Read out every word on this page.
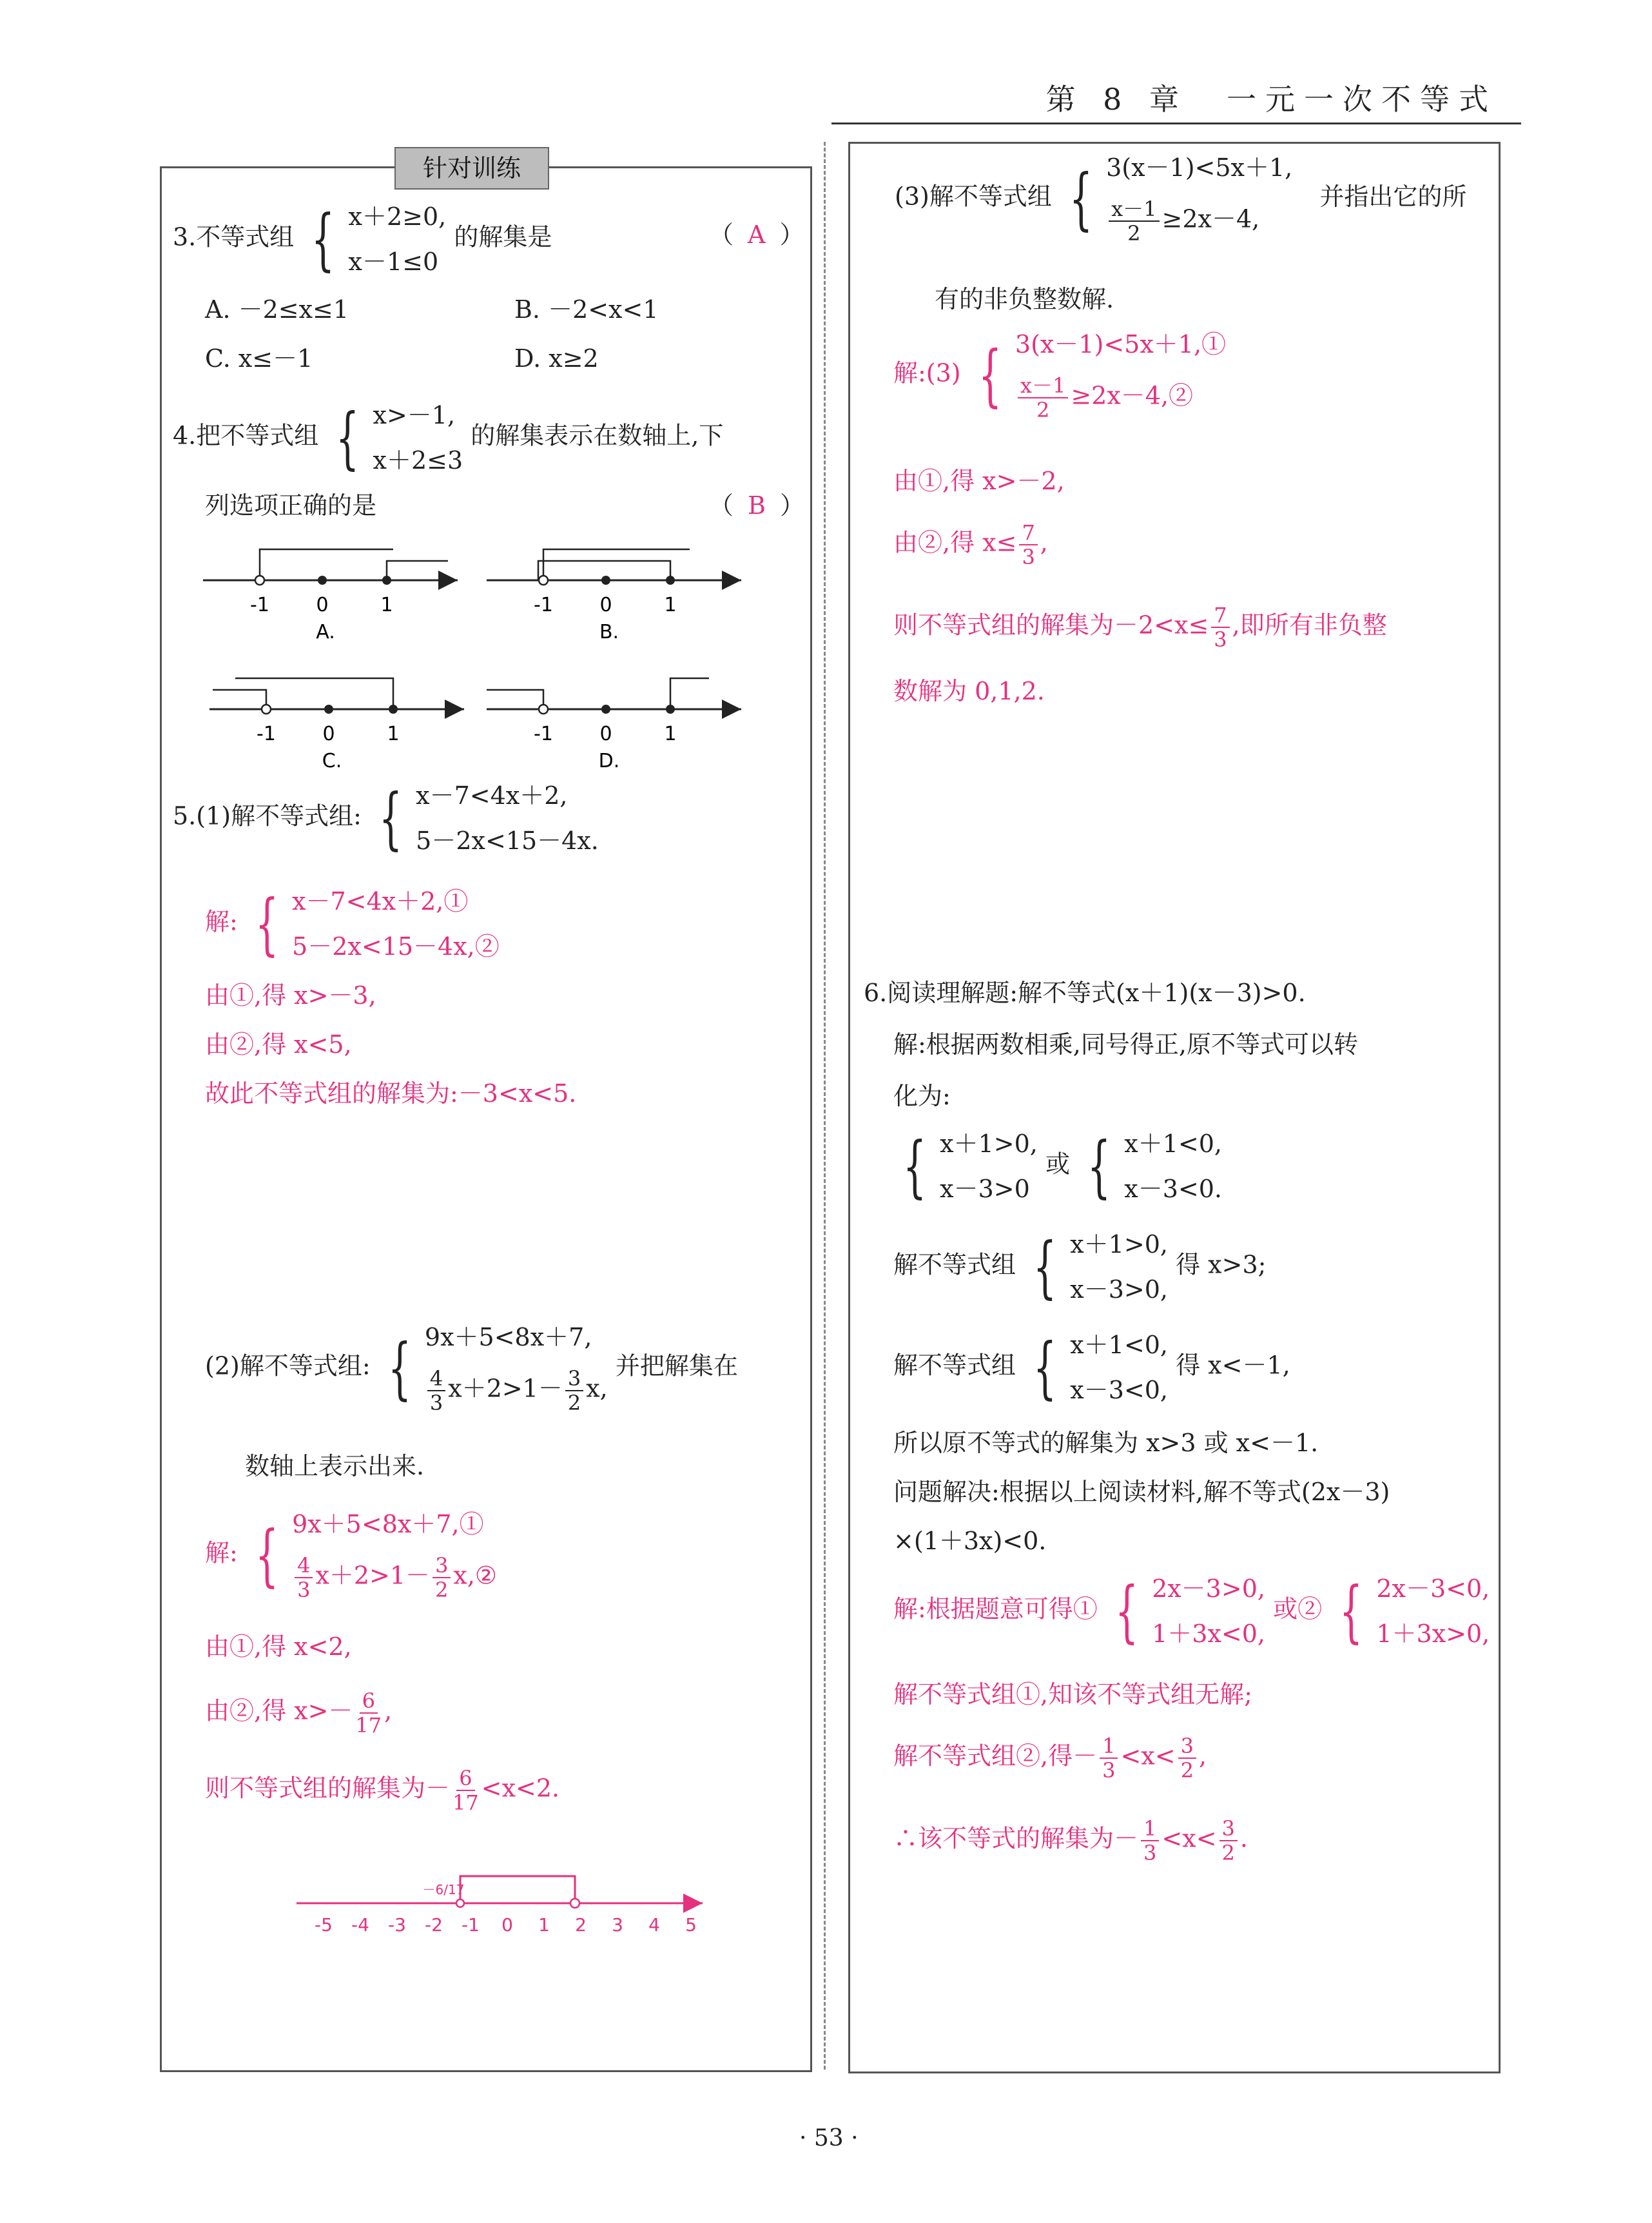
第 8 章　一元一次不等式
针对训练
3.不等式组 { x＋2≥0,
x－1≤0
的解集是	（ A ）
A. －2≤x≤1	B. －2<x<1
C. x≤－1	D. x≥2
4.把不等式组 { x>－1,
x＋2≤3
的解集表示在数轴上,下
列选项正确的是	（ B ）
-1 0	1
A.
-1 0	1
B.
-1 0	1
C.
-1 0	1
D.
5.(1)解不等式组: { x－7<4x＋2,
5－2x<15－4x.
解: { x－7<4x＋2,①
5－2x<15－4x,②
由①,得 x>－3,
由②,得 x<5,
故此不等式组的解集为:－3<x<5.
(2)解不等式组: { 9x＋5<8x＋7,
$\frac{4}{3} x+2>1- \frac{3}{2} x$,
并把解集在
数轴上表示出来.
解: { 9x＋5<8x＋7,①
$\frac{4}{3} x+2>1- \frac{3}{2}$ x,②
由①,得 x<2,
由②,得 $x>- \frac{6}{17}$ ,
则不等式组的解集为－ $\frac{6}{17} <x<2$.
-5 -4 -3 -2 -1 0 1 2 3 4 5
－6/17
(3)解不等式组 { 3(x－1)<5x＋1,
$\frac{x-1}{2} \ge 2x-4$,
并指出它的所
有的非负整数解.
解:(3) { 3(x－1)<5x＋1,①
$\frac{x-1}{2}$ ≥2x－4,②
由①,得 x>－2,
由②,得 $x\le \frac{7}{3}$ ,
则不等式组的解集为$-2<x\le \frac{7}{3}$ ,即所有非负整
数解为 0,1,2.
6.阅读理解题:解不等式(x＋1)(x－3)>0.
解:根据两数相乘,同号得正,原不等式可以转
化为:
{ x＋1>0,
x－3>0
或 { x＋1<0,
x－3<0.
解不等式组 { x＋1>0,
x－3>0,
得 x>3;
解不等式组 { x＋1<0,
x－3<0,
得 x<－1,
所以原不等式的解集为 x>3 或 x<－1.
问题解决:根据以上阅读材料,解不等式(2x－3)
×(1＋3x)<0.
解:根据题意可得① { 2x－3>0,
1＋3x<0,
或② { 2x－3<0,
1＋3x>0,
解不等式组①,知该不等式组无解;
解不等式组②,得－ $\frac{1}{3} <x< \frac{3}{2}$ ,
∴该不等式的解集为－ $\frac{1}{3} <x< \frac{3}{2}$ .
· 53 ·
